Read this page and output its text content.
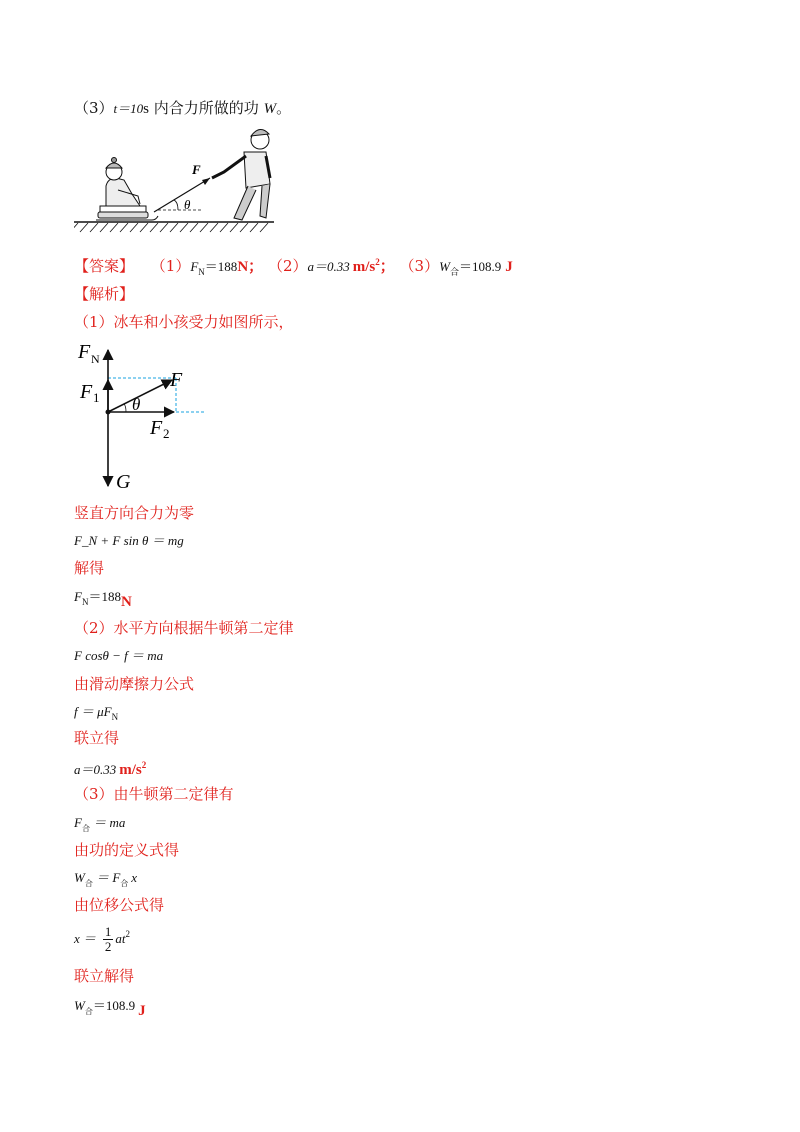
（3）t＝10s 内合力所做的功 W。
θ
F
【答案】 $(1)F_N=188N$； （2）a＝0.33 $m/s^2$； $(3)W_合=108.9$ J
【解析】
（1）冰车和小孩受力如图所示，
F N
F 1
F
F 2
θ
G
竖直方向合力为零
F_N + F sin θ ＝ mg
解得
$F_N=188N$
（2）水平方向根据牛顿第二定律
F cosθ − f ＝ ma
由滑动摩擦力公式
$f = \mu F_N$
联立得
a＝0.33 $m/s^2$
（3）由牛顿第二定律有
$F_合$ ＝ ma
由功的定义式得
$W_合 = F_合$ x
由位移公式得
$x = \frac{1}{2} at^2$
联立解得
$W_合=108.9$ J
